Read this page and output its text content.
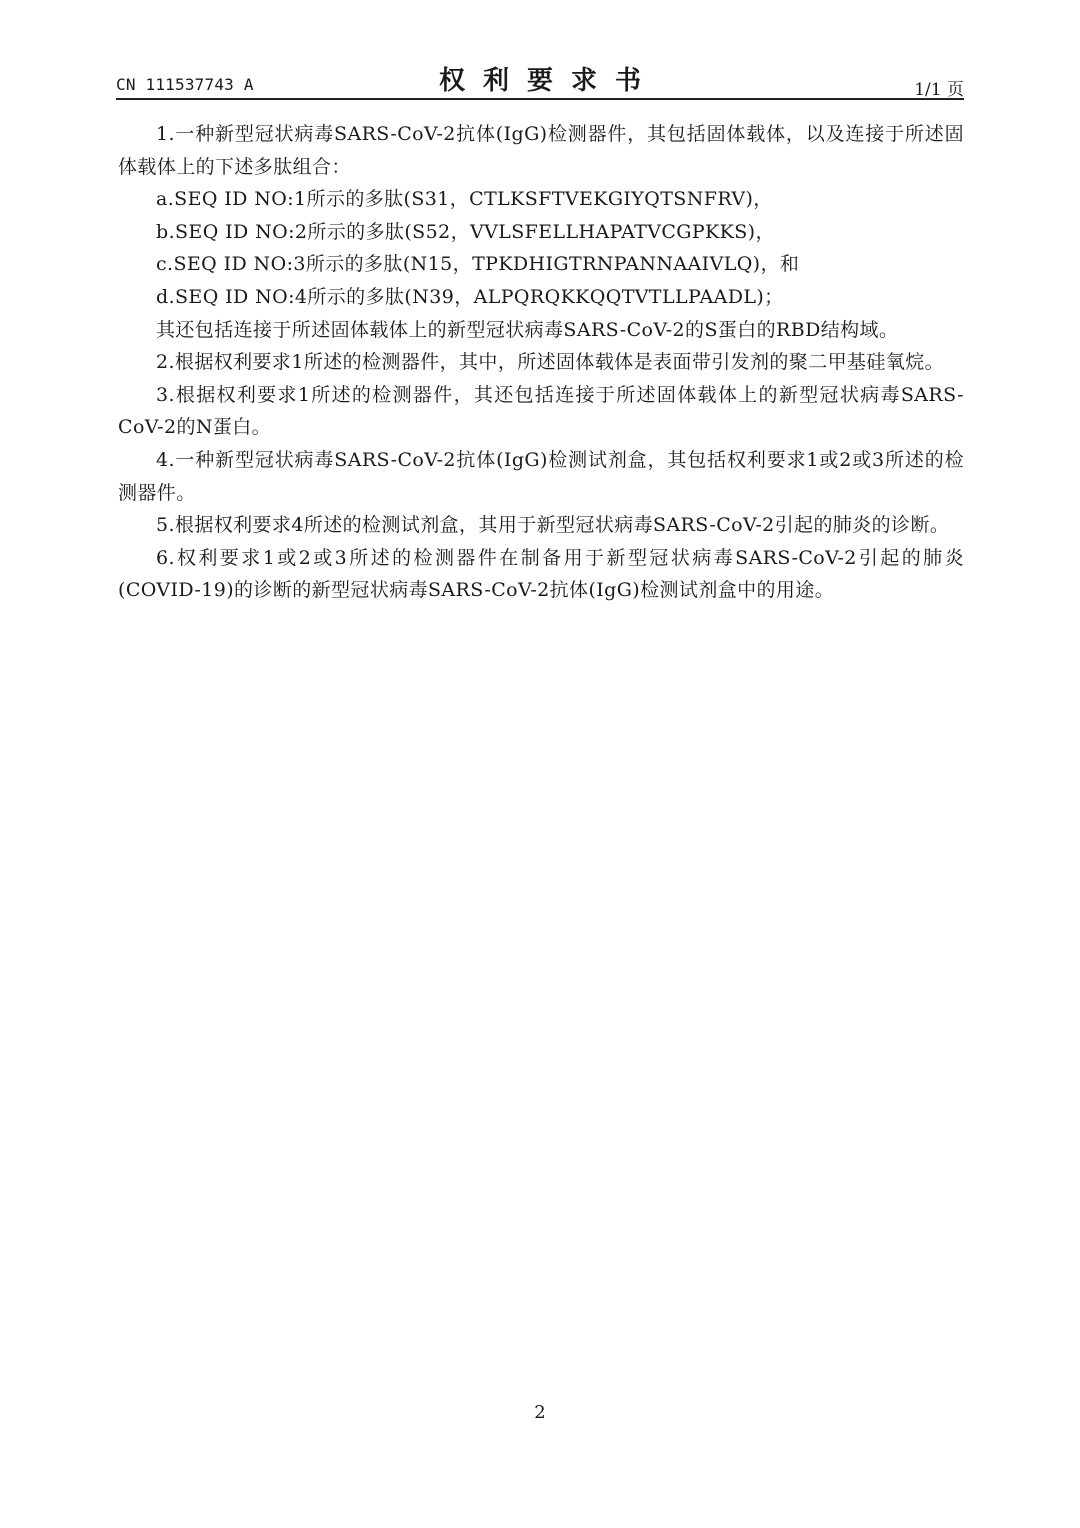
CN 111537743 A	权利要求书	1/1 页

1.一种新型冠状病毒SARS-CoV-2抗体(IgG)检测器件，其包括固体载体，以及连接于所述固体载体上的下述多肽组合：

a.SEQ ID NO:1所示的多肽(S31，CTLKSFTVEKGIYQTSNFRV)，

b.SEQ ID NO:2所示的多肽(S52，VVLSFELLHAPATVCGPKKS)，

c.SEQ ID NO:3所示的多肽(N15，TPKDHIGTRNPANNAAIVLQ)，和

d.SEQ ID NO:4所示的多肽(N39，ALPQRQKKQQTVTLLPAADL)；

其还包括连接于所述固体载体上的新型冠状病毒SARS-CoV-2的S蛋白的RBD结构域。

2.根据权利要求1所述的检测器件，其中，所述固体载体是表面带引发剂的聚二甲基硅氧烷。

3.根据权利要求1所述的检测器件，其还包括连接于所述固体载体上的新型冠状病毒SARS-CoV-2的N蛋白。

4.一种新型冠状病毒SARS-CoV-2抗体(IgG)检测试剂盒，其包括权利要求1或2或3所述的检测器件。

5.根据权利要求4所述的检测试剂盒，其用于新型冠状病毒SARS-CoV-2引起的肺炎的诊断。

6.权利要求1或2或3所述的检测器件在制备用于新型冠状病毒SARS-CoV-2引起的肺炎(COVID-19)的诊断的新型冠状病毒SARS-CoV-2抗体(IgG)检测试剂盒中的用途。

2
